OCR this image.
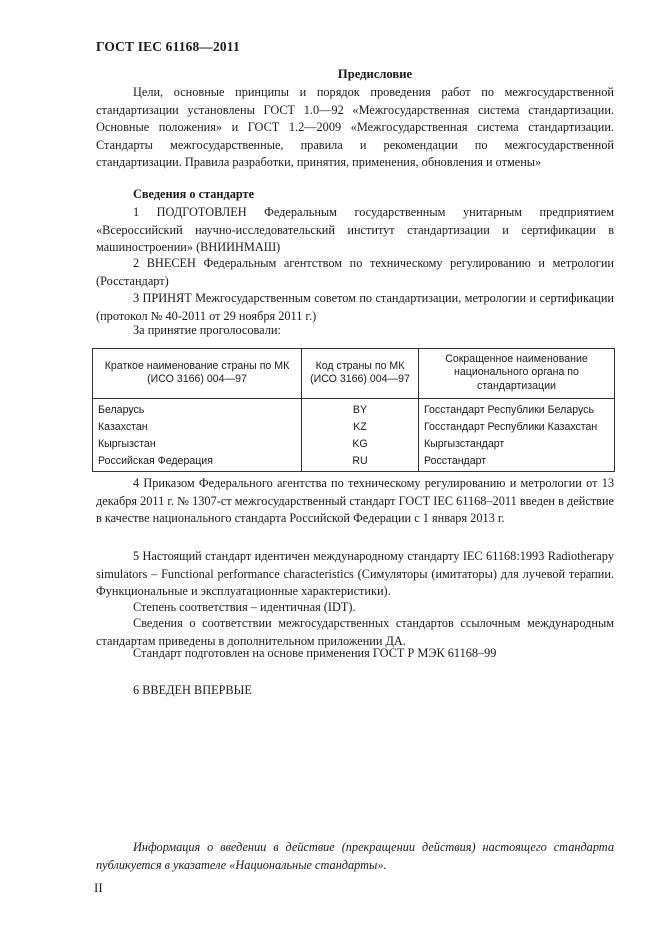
ГОСТ IEC 61168—2011
Предисловие

Цели, основные принципы и порядок проведения работ по межгосударственной стандартизации установлены ГОСТ 1.0—92 «Межгосударственная система стандартизации. Основные положения» и ГОСТ 1.2—2009 «Межгосударственная система стандартизации. Стандарты межгосударственные, правила и рекомендации по межгосударственной стандартизации. Правила разработки, принятия, применения, обновления и отмены»

Сведения о стандарте

1 ПОДГОТОВЛЕН Федеральным государственным унитарным предприятием «Всероссийский научно-исследовательский институт стандартизации и сертификации в машиностроении» (ВНИИНМАШ)

2 ВНЕСЕН Федеральным агентством по техническому регулированию и метрологии (Росстандарт)

3 ПРИНЯТ Межгосударственным советом по стандартизации, метрологии и сертификации (протокол № 40-2011 от 29 ноября 2011 г.)

За принятие проголосовали:

Краткое наименование страны по МК (ИСО 3166) 004—97	Код страны по МК (ИСО 3166) 004—97	Сокращенное наименование национального органа по стандартизации
Беларусь	BY	Госстандарт Республики Беларусь
Казахстан	KZ	Госстандарт Республики Казахстан
Кыргызстан	KG	Кыргызстандарт
Российская Федерация	RU	Росстандарт

4 Приказом Федерального агентства по техническому регулированию и метрологии от 13 декабря 2011 г. № 1307-ст межгосударственный стандарт ГОСТ IEC 61168–2011 введен в действие в качестве национального стандарта Российской Федерации с 1 января 2013 г.

5 Настоящий стандарт идентичен международному стандарту IEC 61168:1993 Radiotherapy simulators – Functional performance characteristics (Симуляторы (имитаторы) для лучевой терапии. Функциональные и эксплуатационные характеристики).

Степень соответствия – идентичная (IDT).

Сведения о соответствии межгосударственных стандартов ссылочным международным стандартам приведены в дополнительном приложении ДА.

Стандарт подготовлен на основе применения ГОСТ Р МЭК 61168–99

6 ВВЕДЕН ВПЕРВЫЕ

Информация о введении в действие (прекращении действия) настоящего стандарта публикуется в указателе «Национальные стандарты».

II
